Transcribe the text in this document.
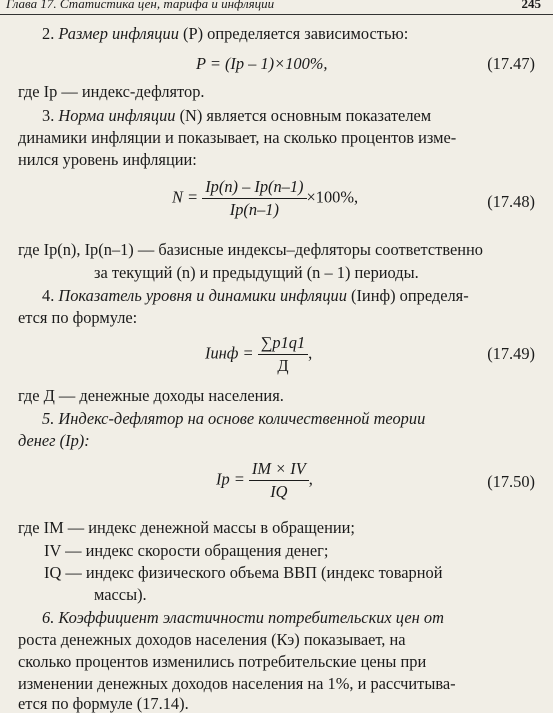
Глава 17. Статистика цен, тарифа и инфляции	245
2. Размер инфляции (P) определяется зависимостью:
P = (Iр – 1)×100%,	(17.47)
где Iр — индекс-дефлятор.
3. Норма инфляции (N) является основным показателем
динамики инфляции и показывает, на сколько процентов изме-
нился уровень инфляции:
$N = \frac{Ip(n) - Ip(n-1)}{Ip(n-1)} \times 100\%$,	(17.48)
где Ip(n), Ip(n–1) — базисные индексы–дефляторы соответственно
за текущий (n) и предыдущий (n – 1) периоды.
4. Показатель уровня и динамики инфляции (Iинф) определя-
ется по формуле:
Iинф = $\frac{\sum p1q1}{Д}$ ,	(17.49)
где Д — денежные доходы населения.
5. Индекс-дефлятор на основе количественной теории
денег (Iр):
Iр = $\frac{IM \times IV}{IQ}$ ,	(17.50)
где IM — индекс денежной массы в обращении;
IV — индекс скорости обращения денег;
IQ — индекс физического объема ВВП (индекс товарной
массы).
6. Коэффициент эластичности потребительских цен от
роста денежных доходов населения (Кэ) показывает, на
сколько процентов изменились потребительские цены при
изменении денежных доходов населения на 1%, и рассчитыва-
ется по формуле (17.14).
